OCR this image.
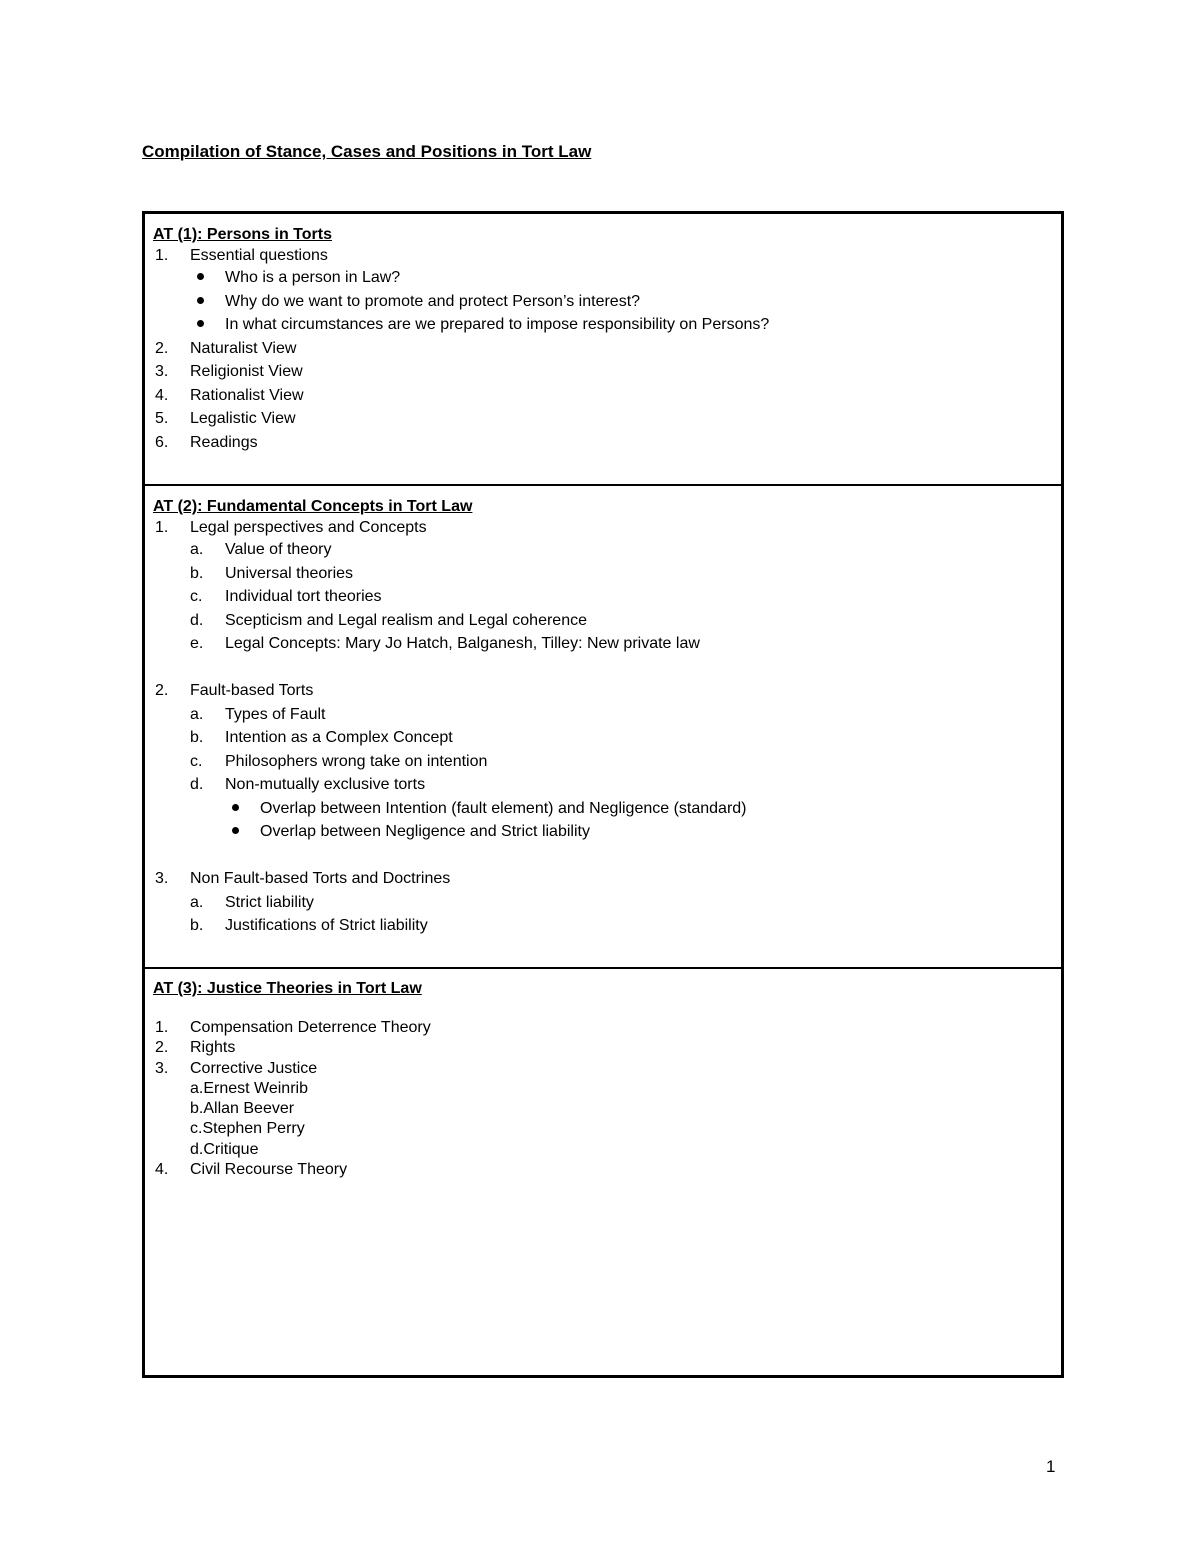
Compilation of Stance, Cases and Positions in Tort Law

AT (1): Persons in Torts

1. Essential questions
Who is a person in Law?
Why do we want to promote and protect Person’s interest?
In what circumstances are we prepared to impose responsibility on Persons?
2. Naturalist View
3. Religionist View
4. Rationalist View
5. Legalistic View
6. Readings

AT (2): Fundamental Concepts in Tort Law

1. Legal perspectives and Concepts
a. Value of theory
b. Universal theories
c. Individual tort theories
d. Scepticism and Legal realism and Legal coherence
e. Legal Concepts: Mary Jo Hatch, Balganesh, Tilley: New private law
2. Fault-based Torts
a. Types of Fault
b. Intention as a Complex Concept
c. Philosophers wrong take on intention
d. Non-mutually exclusive torts
Overlap between Intention (fault element) and Negligence (standard)
Overlap between Negligence and Strict liability
3. Non Fault-based Torts and Doctrines
a. Strict liability
b. Justifications of Strict liability

AT (3): Justice Theories in Tort Law

1. Compensation Deterrence Theory
2. Rights
3. Corrective Justice
a.Ernest Weinrib
b.Allan Beever
c.Stephen Perry
d.Critique
4. Civil Recourse Theory
1
